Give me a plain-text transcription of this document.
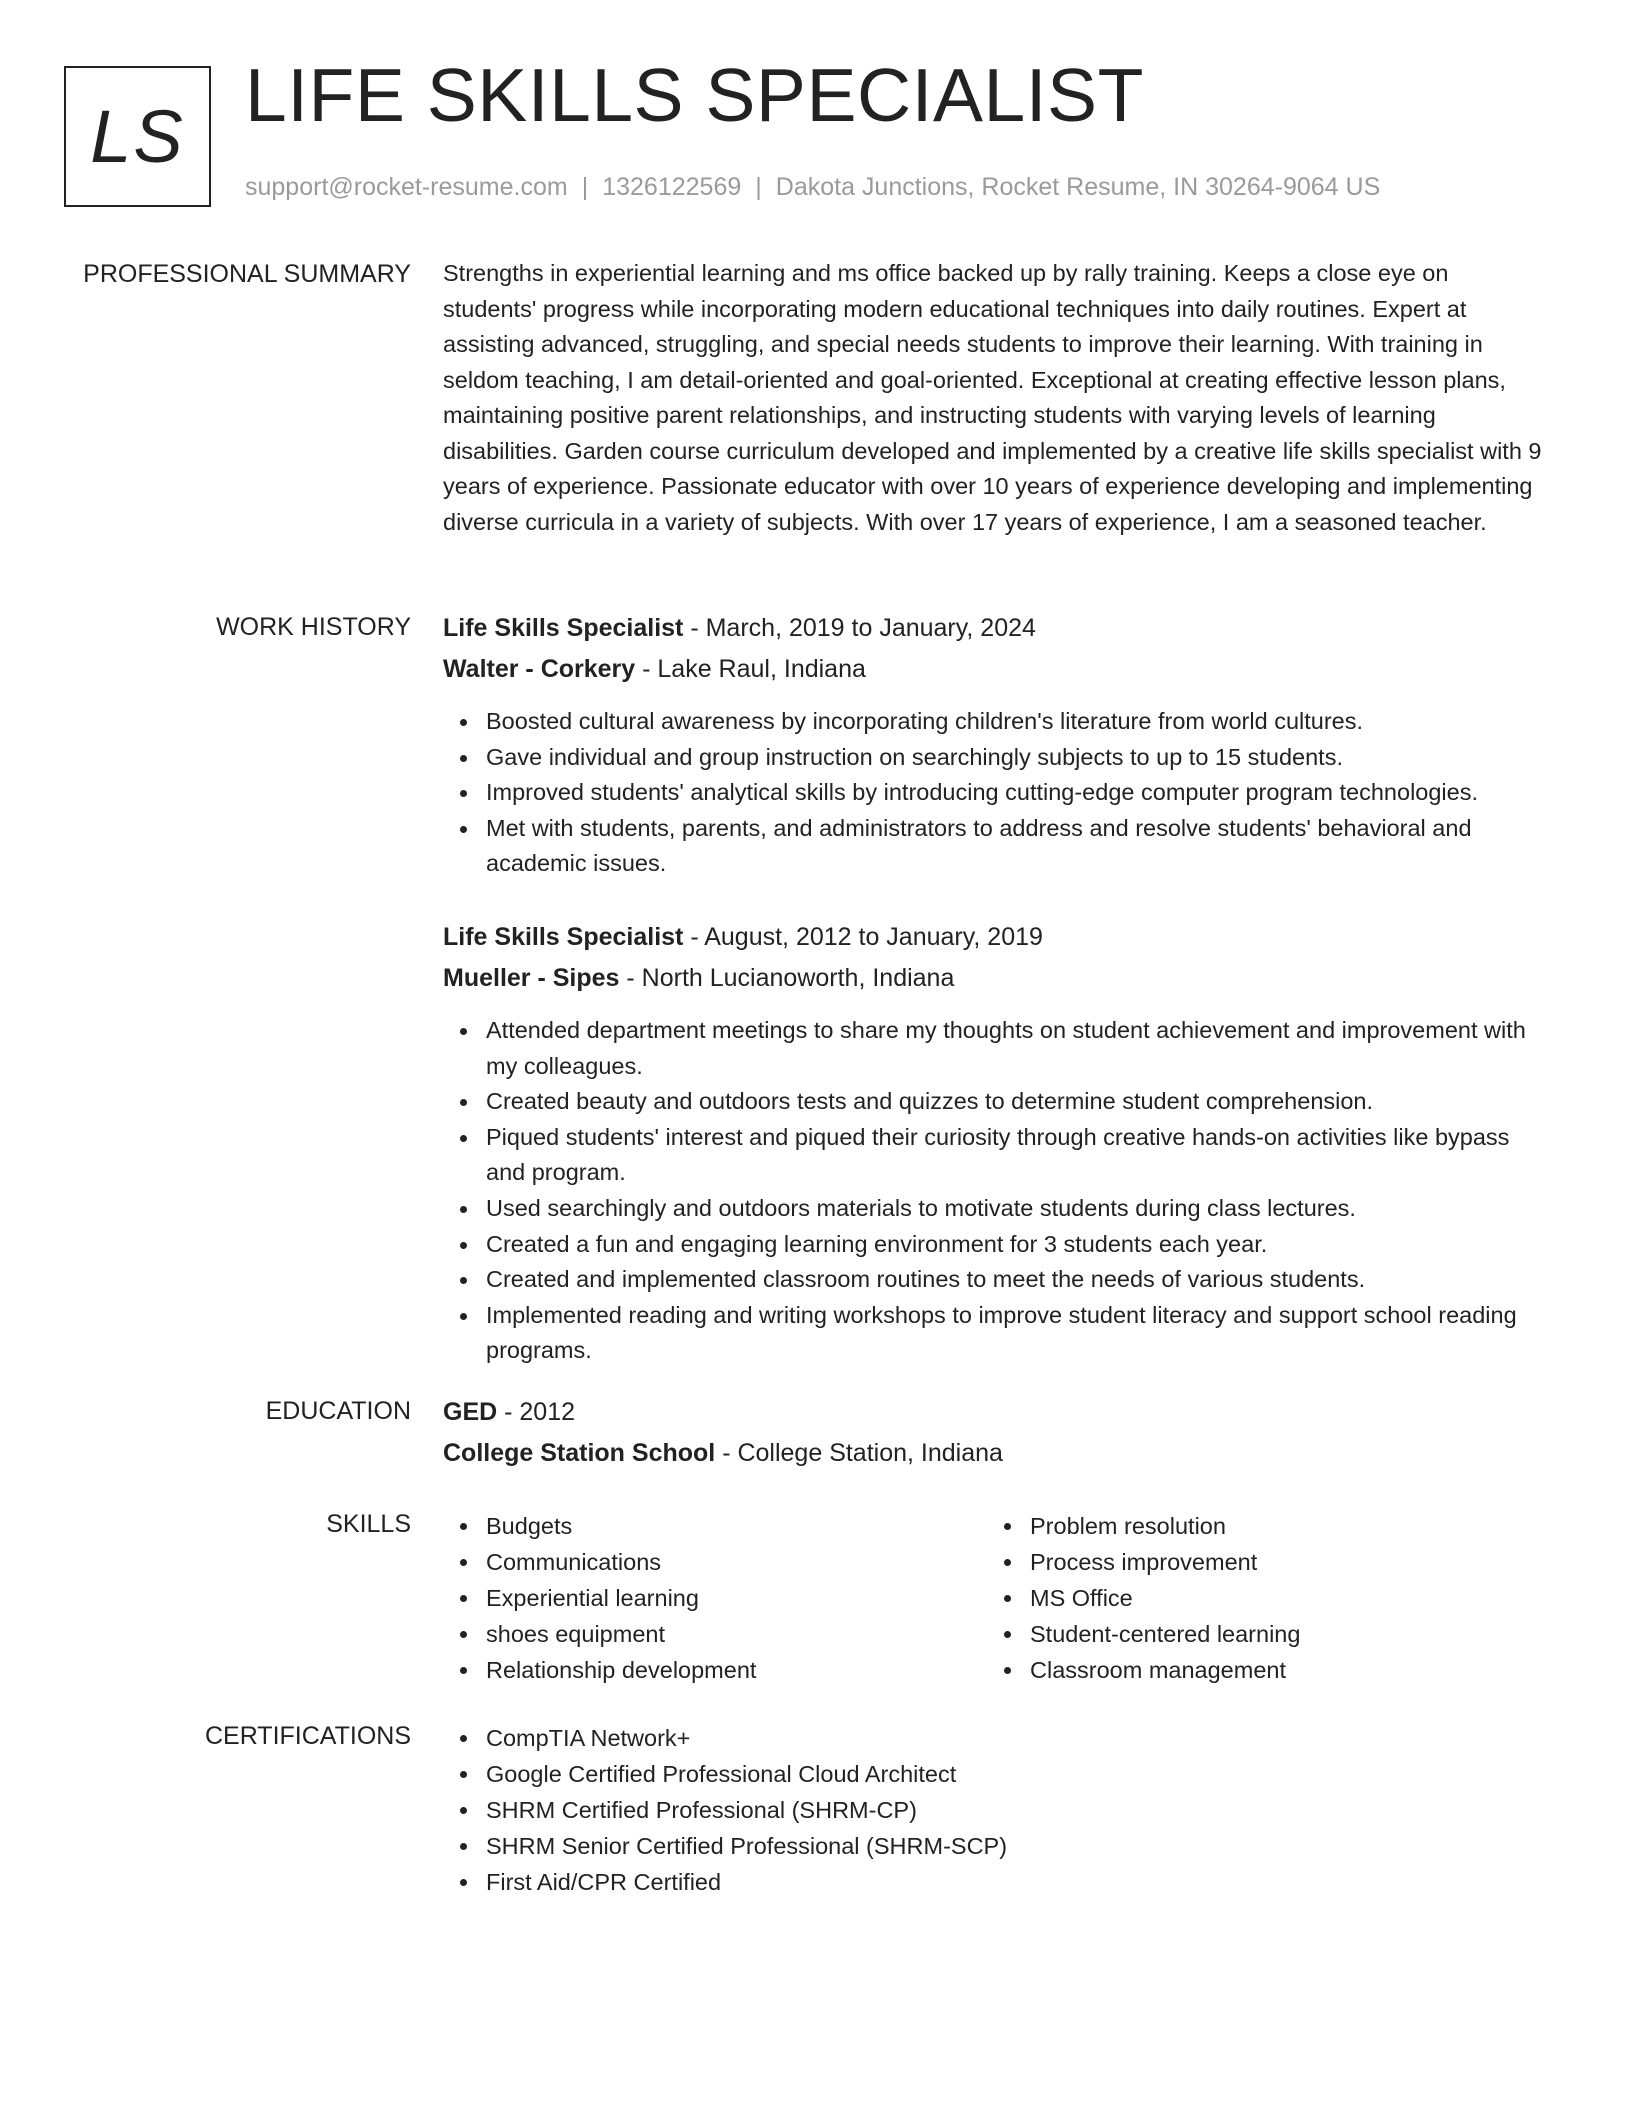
LS LIFE SKILLS SPECIALIST
support@rocket-resume.com | 1326122569 | Dakota Junctions, Rocket Resume, IN 30264-9064 US
PROFESSIONAL SUMMARY Strengths in experiential learning and ms office backed up by rally training. Keeps a close eye on students' progress while incorporating modern educational techniques into daily routines. Expert at assisting advanced, struggling, and special needs students to improve their learning. With training in seldom teaching, I am detail-oriented and goal-oriented. Exceptional at creating effective lesson plans, maintaining positive parent relationships, and instructing students with varying levels of learning disabilities. Garden course curriculum developed and implemented by a creative life skills specialist with 9 years of experience. Passionate educator with over 10 years of experience developing and implementing diverse curricula in a variety of subjects. With over 17 years of experience, I am a seasoned teacher.

WORK HISTORY Life Skills Specialist - March, 2019 to January, 2024

Walter - Corkery - Lake Raul, Indiana

Boosted cultural awareness by incorporating children's literature from world cultures.
Gave individual and group instruction on searchingly subjects to up to 15 students.
Improved students' analytical skills by introducing cutting-edge computer program technologies.
Met with students, parents, and administrators to address and resolve students' behavioral and academic issues.

Life Skills Specialist - August, 2012 to January, 2019

Mueller - Sipes - North Lucianoworth, Indiana

Attended department meetings to share my thoughts on student achievement and improvement with my colleagues.
Created beauty and outdoors tests and quizzes to determine student comprehension.
Piqued students' interest and piqued their curiosity through creative hands-on activities like bypass and program.
Used searchingly and outdoors materials to motivate students during class lectures.
Created a fun and engaging learning environment for 3 students each year.
Created and implemented classroom routines to meet the needs of various students.
Implemented reading and writing workshops to improve student literacy and support school reading programs.
EDUCATION GED - 2012

College Station School - College Station, Indiana

SKILLS	Budgets
Communications
Experiential learning
shoes equipment
Relationship development
Problem resolution
Process improvement
MS Office
Student-centered learning
Classroom management
CERTIFICATIONS	CompTIA Network+
Google Certified Professional Cloud Architect
SHRM Certified Professional (SHRM-CP)
SHRM Senior Certified Professional (SHRM-SCP)
First Aid/CPR Certified
